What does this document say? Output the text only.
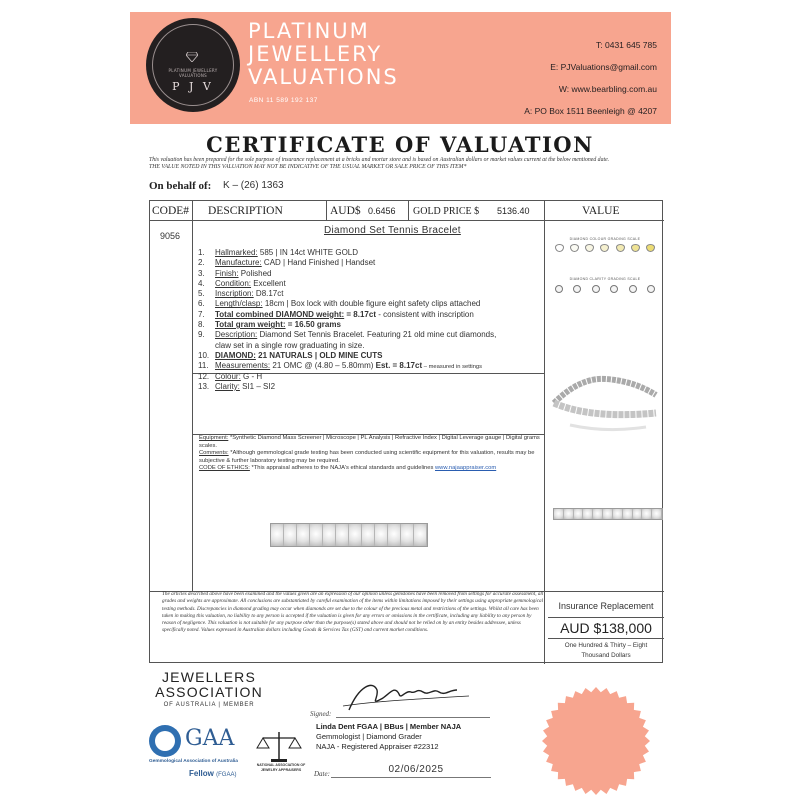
PLATINUM JEWELLERY VALUATIONS
P J V
PLATINUM
JEWELLERY
VALUATIONS
ABN 11 589 192 137
T: 0431 645 785
E: PJValuations@gmail.com
W: www.bearbling.com.au
A: PO Box 1511 Beenleigh @ 4207
CERTIFICATE OF VALUATION
This valuation has been prepared for the sole purpose of insurance replacement at a bricks and mortar store and is based on Australian dollars or market values current at the below mentioned date.
THE VALUE NOTED IN THIS VALUATION MAY NOT BE INDICATIVE OF THE USUAL MARKET OR SALE PRICE OF THIS ITEM*
On behalf of: K – (26) 1363
CODE#	DESCRIPTION	AUD$ 0.6456	GOLD PRICE $	5136.40	VALUE
9056	Diamond Set Tennis Bracelet
1. Hallmarked: 585 | IN 14ct WHITE GOLD
2. Manufacture: CAD | Hand Finished | Handset
3. Finish: Polished
4. Condition: Excellent
5. Inscription: D8.17ct
6. Length/clasp: 18cm | Box lock with double figure eight safety clips attached
7. Total combined DIAMOND weight: = 8.17ct - consistent with inscription
8. Total gram weight: = 16.50 grams
9. Description: Diamond Set Tennis Bracelet. Featuring 21 old mine cut diamonds,
claw set in a single row graduating in size.
10. DIAMOND: 21 NATURALS | OLD MINE CUTS
11. Measurements: 21 OMC @ (4.80 – 5.80mm) Est. = 8.17ct – measured in settings
12. Colour: G - H
13. Clarity: SI1 – SI2
Equipment: *Synthetic Diamond Mass Screener | Microscope | PL Analysis | Refractive Index | Digital Leverage gauge | Digital grams scales.
Comments: *Although gemmological grade testing has been conducted using scientific equipment for this valuation, results may be subjective & further laboratory testing may be required.
CODE OF ETHICS: *This appraisal adheres to the NAJA's ethical standards and guidelines www.najaappraiser.com
DIAMOND COLOUR GRADING SCALE
DIAMOND CLARITY GRADING SCALE
The articles described above have been examined and the values given are an expression of our opinion unless gemstones have been removed from settings for accurate assessment, all grades and weights are approximate. All conclusions are substantiated by careful examination of the items within limitations imposed by their settings using appropriate gemmological testing methods. Discrepancies in diamond grading may occur when diamonds are set due to the colour of the precious metal and restrictions of the settings. Whilst all care has been taken in making this valuation, no liability to any person is accepted if the valuation is given for any errors or omissions in the certificate, including any liability to any person by reason of negligence. This valuation is not suitable for any purpose other than the purpose(s) stated above and should not be relied on by an entity besides addressee, unless specifically noted. Values expressed in Australian dollars including Goods & Services Tax (GST) and current market conditions.
Insurance Replacement
AUD $138,000
One Hundred & Thirty – Eight
Thousand Dollars
JEWELLERS
ASSOCIATION
OF AUSTRALIA | MEMBER
GAA
Gemmological Association of Australia
Fellow (FGAA)
NATIONAL ASSOCIATION OF JEWELRY APPRAISERS
Signed:
Linda Dent FGAA | BBus | Member NAJA
Gemmologist | Diamond Grader
NAJA - Registered Appraiser #22312
Date:	02/06/2025
